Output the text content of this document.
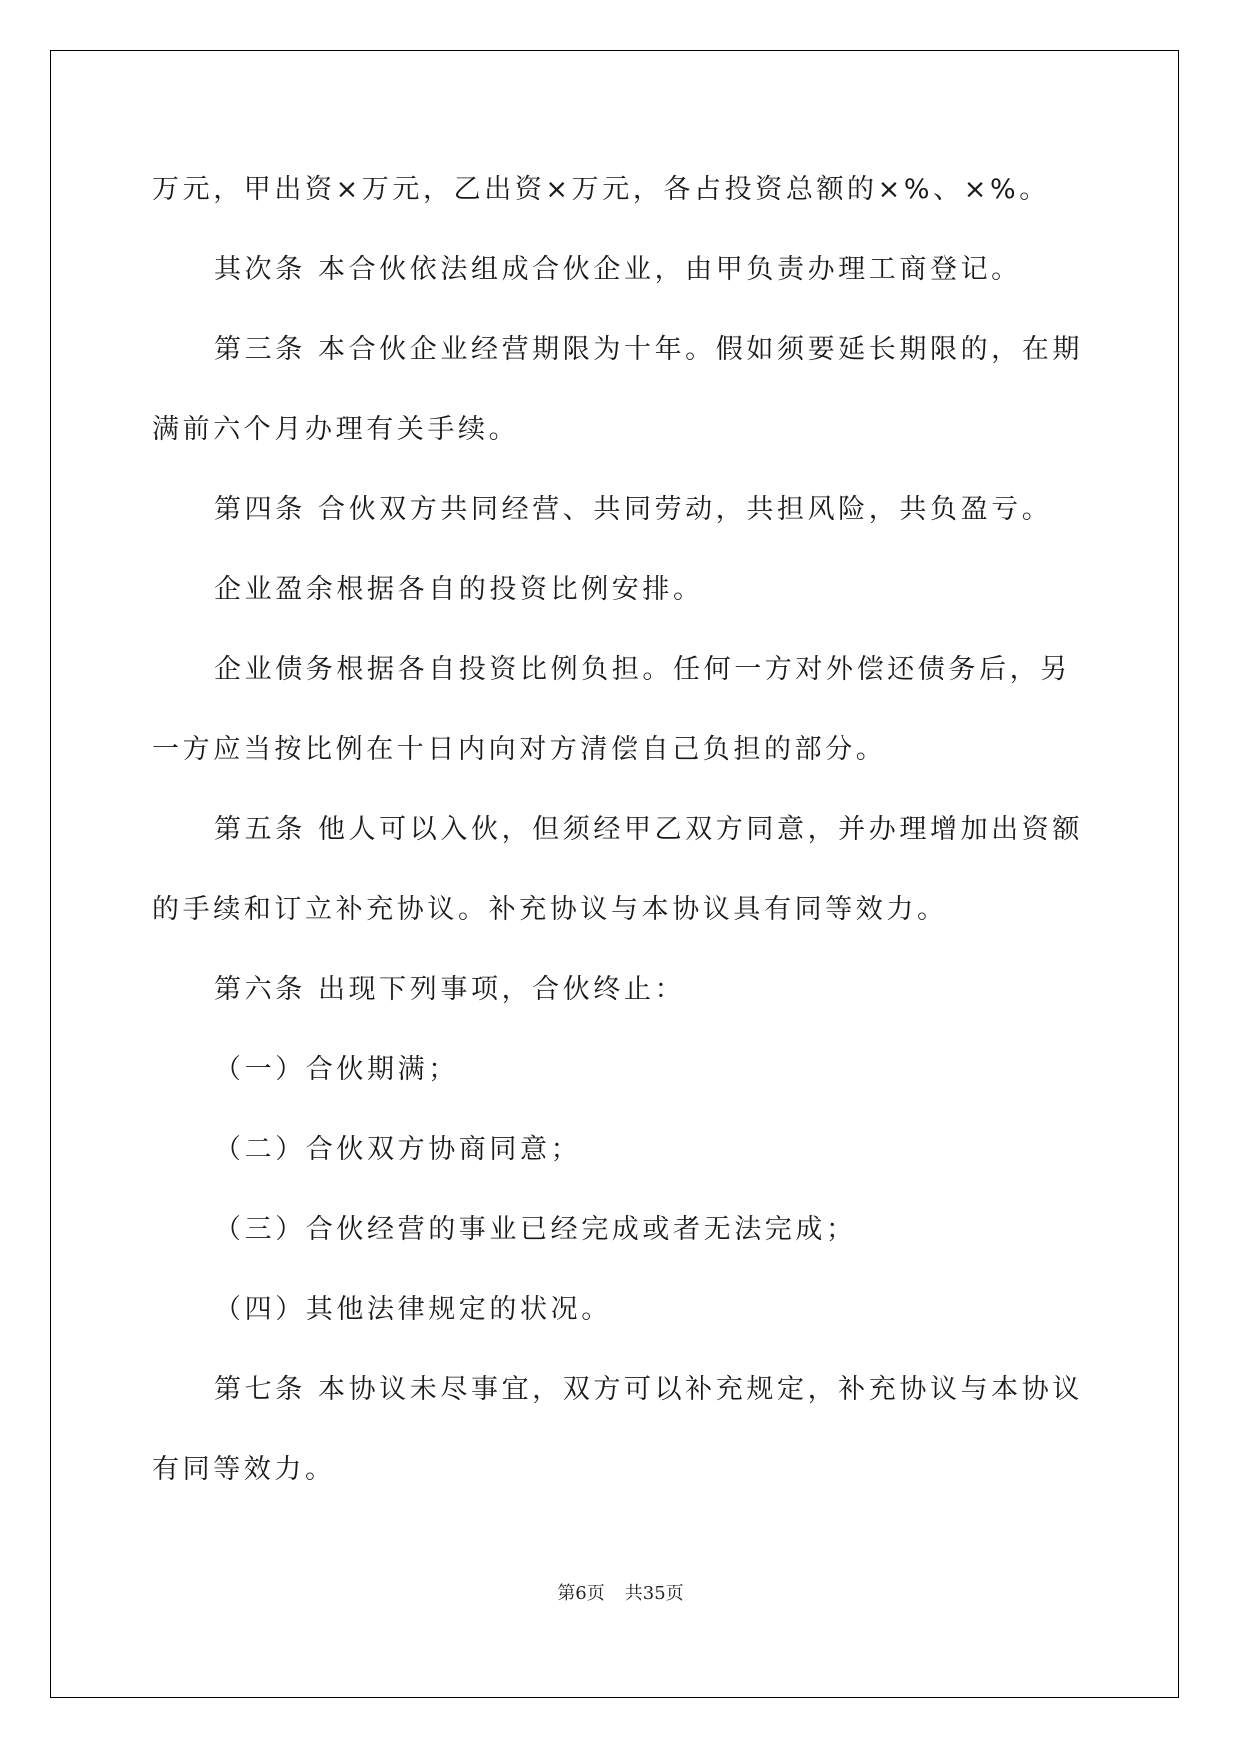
万元，甲出资×万元，乙出资×万元，各占投资总额的×%、×%。
其次条 本合伙依法组成合伙企业，由甲负责办理工商登记。
第三条 本合伙企业经营期限为十年。假如须要延长期限的，在期
满前六个月办理有关手续。
第四条 合伙双方共同经营、共同劳动，共担风险，共负盈亏。
企业盈余根据各自的投资比例安排。
企业债务根据各自投资比例负担。任何一方对外偿还债务后，另
一方应当按比例在十日内向对方清偿自己负担的部分。
第五条 他人可以入伙，但须经甲乙双方同意，并办理增加出资额
的手续和订立补充协议。补充协议与本协议具有同等效力。
第六条 出现下列事项，合伙终止：
（一）合伙期满；
（二）合伙双方协商同意；
（三）合伙经营的事业已经完成或者无法完成；
（四）其他法律规定的状况。
第七条 本协议未尽事宜，双方可以补充规定，补充协议与本协议
有同等效力。
第6页 共35页
